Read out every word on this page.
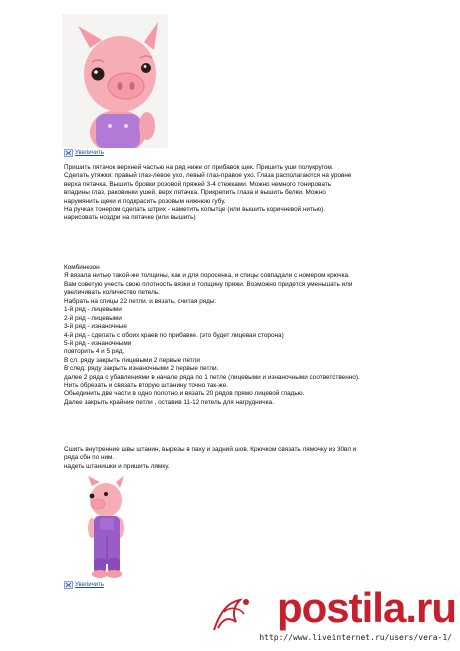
Увеличить

Пришить пятачок верхней частью на ряд ниже от прибавок щек. Пришить уши полукругом.

Сделать утяжки: правый глаз-левое ухо, левый глаз-правое ухо. Глаза располагаются на уровне

верха пятачка. Вышить бровки розовой пряжей 3-4 стежками. Можно немного тонировать

впадины глаз, раковинки ушей, верх пятачка. Прикрепить глаза и вышить белки. Можно

нарумянить щеки и подкрасить розовым нижнюю губу.

На ручках тонером сделать штрих - наметить копытце (или вышить коричневой нитью).

нарисовать ноздри на пятачке (или вышить)

Комбинезон

Я вязала нитью такой-же толщины, как и для поросенка, и спицы совпадали с номером крючка.

Вам советую учесть свою плотность вязки и толщину пряжи. Возможно придется уменьшать или

увеличивать количество петель.

Набрать на спицы 22 петли. и вязать, считая ряды:

1-й ряд - лицевыми

2-й ряд - лицевыми

3-й ряд - изнаночные

4-й ряд - сделать с обоих краев по прибавке. (это будет лицевая сторона)

5-й ряд - изнаночными

повторить 4 и 5 ряд.

В сл. ряду закрыть лицевыми 2 первые петли

В след. ряду закрыть изнаночными 2 первые петли.

далее 2 ряда с убавлениями в начале ряда по 1 петле (лицевыми и изнаночными соответственно).

Нить обрезать и связать вторую штанину точно так-же.

Обьединить две части в одно полотно и вязать 20 рядов прямо лицевой гладью.

Далее закрыть крайние петли , оставив 11-12 петель для нагрудничка.

Сшить внутренние швы штанин, вырезы в паху и задний шов. Крючком связать лямочку из 30вп и

ряда сбн по ним.

надеть штанишки и пришить лямку.

Увеличить	postila.ru
http://www.liveinternet.ru/users/vera-1/
